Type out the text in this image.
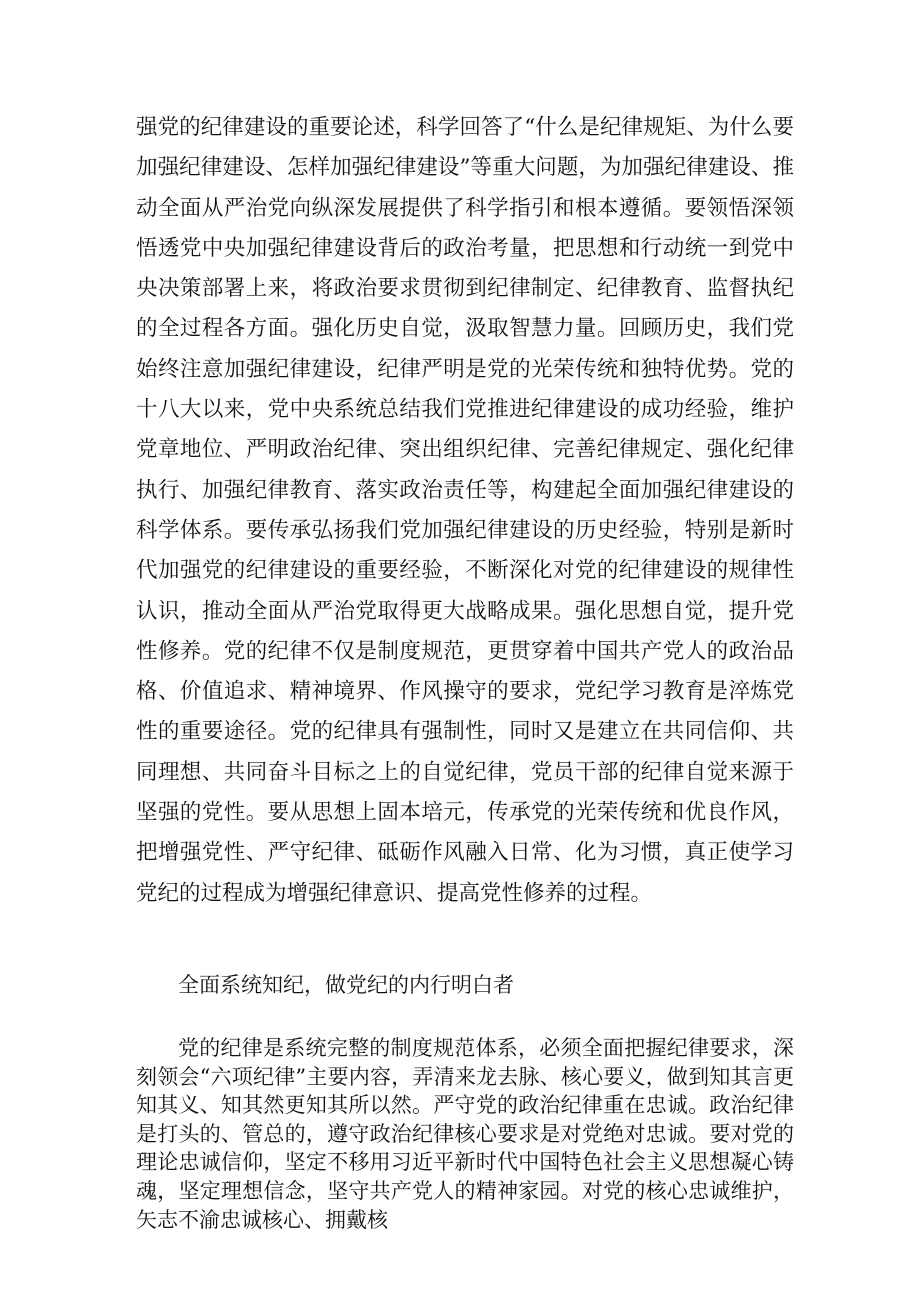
强党的纪律建设的重要论述，科学回答了“什么是纪律规矩、为什么要加强纪律建设、怎样加强纪律建设”等重大问题，为加强纪律建设、推动全面从严治党向纵深发展提供了科学指引和根本遵循。要领悟深领悟透党中央加强纪律建设背后的政治考量，把思想和行动统一到党中央决策部署上来，将政治要求贯彻到纪律制定、纪律教育、监督执纪的全过程各方面。强化历史自觉，汲取智慧力量。回顾历史，我们党始终注意加强纪律建设，纪律严明是党的光荣传统和独特优势。党的十八大以来，党中央系统总结我们党推进纪律建设的成功经验，维护党章地位、严明政治纪律、突出组织纪律、完善纪律规定、强化纪律执行、加强纪律教育、落实政治责任等，构建起全面加强纪律建设的科学体系。要传承弘扬我们党加强纪律建设的历史经验，特别是新时代加强党的纪律建设的重要经验，不断深化对党的纪律建设的规律性认识，推动全面从严治党取得更大战略成果。强化思想自觉，提升党性修养。党的纪律不仅是制度规范，更贯穿着中国共产党人的政治品格、价值追求、精神境界、作风操守的要求，党纪学习教育是淬炼党性的重要途径。党的纪律具有强制性，同时又是建立在共同信仰、共同理想、共同奋斗目标之上的自觉纪律，党员干部的纪律自觉来源于坚强的党性。要从思想上固本培元，传承党的光荣传统和优良作风，把增强党性、严守纪律、砥砺作风融入日常、化为习惯，真正使学习党纪的过程成为增强纪律意识、提高党性修养的过程。

全面系统知纪，做党纪的内行明白者

党的纪律是系统完整的制度规范体系，必须全面把握纪律要求，深刻领会“六项纪律”主要内容，弄清来龙去脉、核心要义，做到知其言更知其义、知其然更知其所以然。严守党的政治纪律重在忠诚。政治纪律是打头的、管总的，遵守政治纪律核心要求是对党绝对忠诚。要对党的理论忠诚信仰，坚定不移用习近平新时代中国特色社会主义思想凝心铸魂，坚定理想信念，坚守共产党人的精神家园。对党的核心忠诚维护，矢志不渝忠诚核心、拥戴核
